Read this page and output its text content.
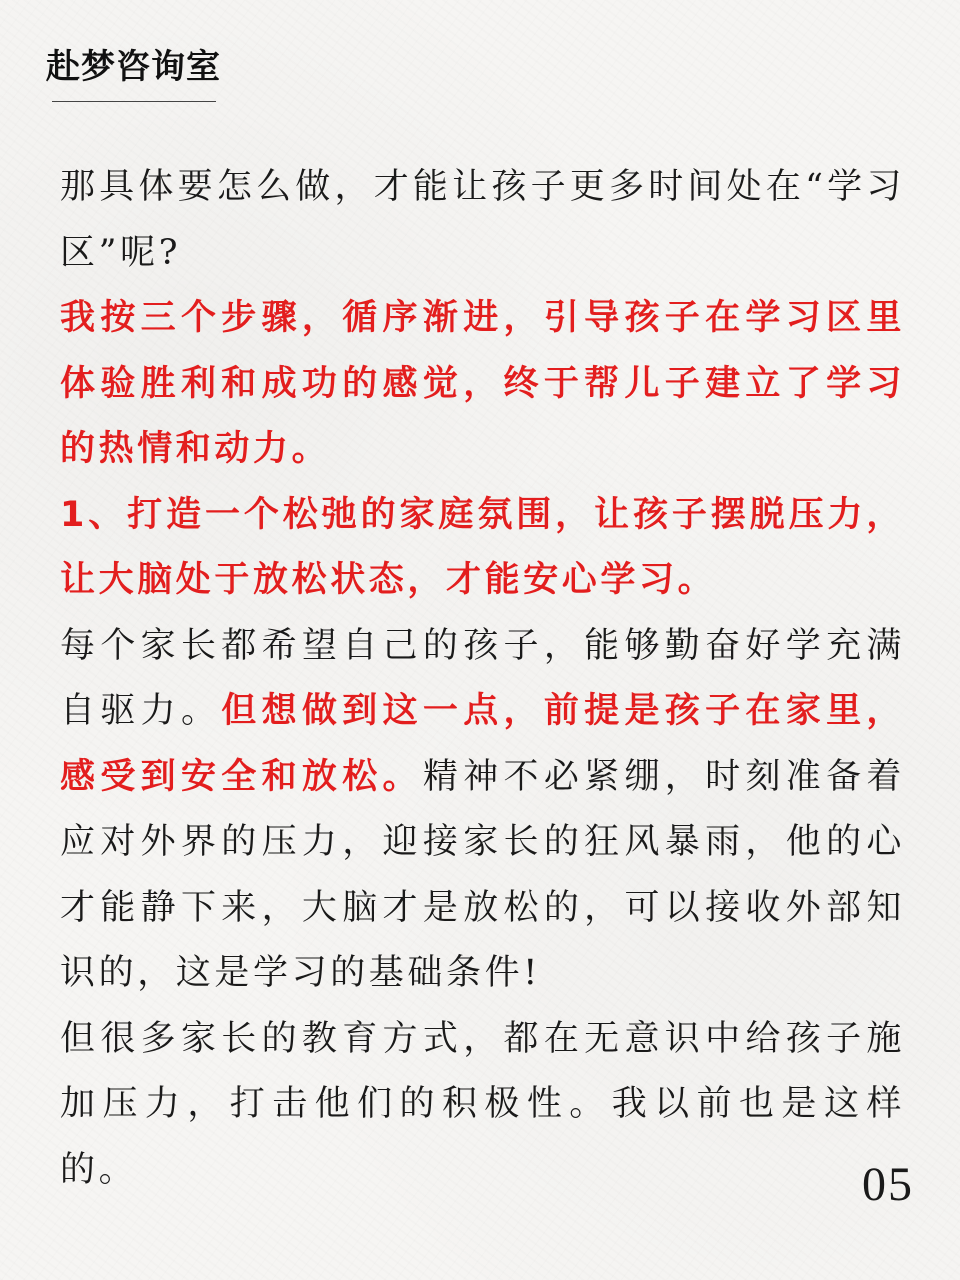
赴梦咨询室

那具体要怎么做，才能让孩子更多时间处在“学习区”呢?

我按三个步骤，循序渐进，引导孩子在学习区里体验胜利和成功的感觉，终于帮儿子建立了学习的热情和动力。

1、打造一个松弛的家庭氛围，让孩子摆脱压力，让大脑处于放松状态，才能安心学习。

每个家长都希望自己的孩子，能够勤奋好学充满自驱力。但想做到这一点，前提是孩子在家里，感受到安全和放松。精神不必紧绷，时刻准备着应对外界的压力，迎接家长的狂风暴雨，他的心才能静下来，大脑才是放松的，可以接收外部知识的，这是学习的基础条件!

但很多家长的教育方式，都在无意识中给孩子施加压力，打击他们的积极性。我以前也是这样的。	05
